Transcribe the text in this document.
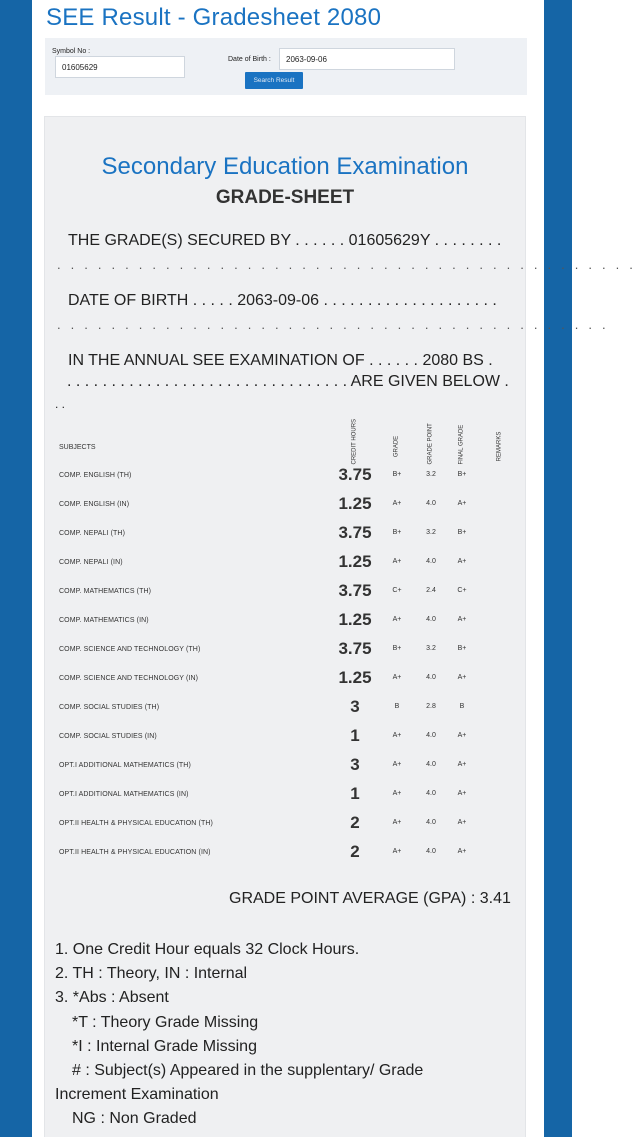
SEE Result - Gradesheet 2080
Symbol No :
01605629
Date of Birth :	2063-09-06
Search Result
Secondary Education Examination
GRADE-SHEET
THE GRADE(S) SECURED BY . . . . . . 01605629Y . . . . . . . .
. . . . . . . . . . . . . . . . . . . . . . . . . . . . . . . . . . . . . . . . . . .
DATE OF BIRTH . . . . . 2063-09-06 . . . . . . . . . . . . . . . . . . . .
. . . . . . . . . . . . . . . . . . . . . . . . . . . . . . . . . . . . . . . . .
IN THE ANNUAL SEE EXAMINATION OF . . . . . . 2080 BS .
. . . . . . . . . . . . . . . . . . . . . . . . . . . . . . . . ARE GIVEN BELOW .
. .
SUBJECTS	CREDIT HOURS	GRADE	GRADE POINT	FINAL GRADE	REMARKS
COMP. ENGLISH (TH)	3.75	B+	3.2	B+
COMP. ENGLISH (IN)	1.25	A+	4.0	A+
COMP. NEPALI (TH)	3.75	B+	3.2	B+
COMP. NEPALI (IN)	1.25	A+	4.0	A+
COMP. MATHEMATICS (TH)	3.75	C+	2.4	C+
COMP. MATHEMATICS (IN)	1.25	A+	4.0	A+
COMP. SCIENCE AND TECHNOLOGY (TH)	3.75	B+	3.2	B+
COMP. SCIENCE AND TECHNOLOGY (IN)	1.25	A+	4.0	A+
COMP. SOCIAL STUDIES (TH)	3	B	2.8	B
COMP. SOCIAL STUDIES (IN)	1	A+	4.0	A+
OPT.I ADDITIONAL MATHEMATICS (TH)	3	A+	4.0	A+
OPT.I ADDITIONAL MATHEMATICS (IN)	1	A+	4.0	A+
OPT.II HEALTH & PHYSICAL EDUCATION (TH)	2	A+	4.0	A+
OPT.II HEALTH & PHYSICAL EDUCATION (IN)	2	A+	4.0	A+
GRADE POINT AVERAGE (GPA) : 3.41
1. One Credit Hour equals 32 Clock Hours.
2. TH : Theory, IN : Internal
3. *Abs : Absent
*T : Theory Grade Missing
*I : Internal Grade Missing
# : Subject(s) Appeared in the supplentary/ Grade
Increment Examination
NG : Non Graded
